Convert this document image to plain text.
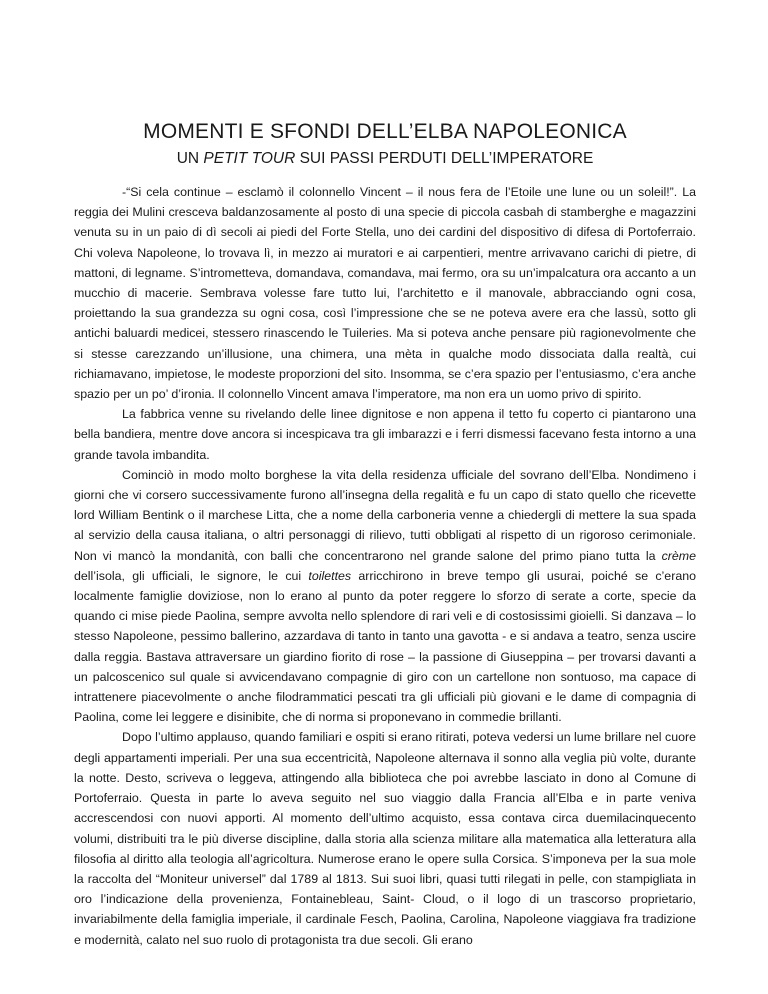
MOMENTI E SFONDI DELL’ELBA NAPOLEONICA
UN PETIT TOUR SUI PASSI PERDUTI DELL’IMPERATORE

-“Si cela continue – esclamò il colonnello Vincent – il nous fera de l’Etoile une lune ou un soleil!”. La reggia dei Mulini cresceva baldanzosamente al posto di una specie di piccola casbah di stamberghe e magazzini venuta su in un paio di dì secoli ai piedi del Forte Stella, uno dei cardini del dispositivo di difesa di Portoferraio. Chi voleva Napoleone, lo trovava lì, in mezzo ai muratori e ai carpentieri, mentre arrivavano carichi di pietre, di mattoni, di legname. S’intrometteva, domandava, comandava, mai fermo, ora su un’impalcatura ora accanto a un mucchio di macerie. Sembrava volesse fare tutto lui, l’architetto e il manovale, abbracciando ogni cosa, proiettando la sua grandezza su ogni cosa, così l’impressione che se ne poteva avere era che lassù, sotto gli antichi baluardi medicei, stessero rinascendo le Tuileries. Ma si poteva anche pensare più ragionevolmente che si stesse carezzando un’illusione, una chimera, una mèta in qualche modo dissociata dalla realtà, cui richiamavano, impietose, le modeste proporzioni del sito. Insomma, se c’era spazio per l’entusiasmo, c’era anche spazio per un po’ d’ironia. Il colonnello Vincent amava l’imperatore, ma non era un uomo privo di spirito.

La fabbrica venne su rivelando delle linee dignitose e non appena il tetto fu coperto ci piantarono una bella bandiera, mentre dove ancora si incespicava tra gli imbarazzi e i ferri dismessi facevano festa intorno a una grande tavola imbandita.

Cominciò in modo molto borghese la vita della residenza ufficiale del sovrano dell’Elba. Nondimeno i giorni che vi corsero successivamente furono all’insegna della regalità e fu un capo di stato quello che ricevette lord William Bentink o il marchese Litta, che a nome della carboneria venne a chiedergli di mettere la sua spada al servizio della causa italiana, o altri personaggi di rilievo, tutti obbligati al rispetto di un rigoroso cerimoniale. Non vi mancò la mondanità, con balli che concentrarono nel grande salone del primo piano tutta la crème dell’isola, gli ufficiali, le signore, le cui toilettes arricchirono in breve tempo gli usurai, poiché se c’erano localmente famiglie doviziose, non lo erano al punto da poter reggere lo sforzo di serate a corte, specie da quando ci mise piede Paolina, sempre avvolta nello splendore di rari veli e di costosissimi gioielli. Si danzava – lo stesso Napoleone, pessimo ballerino, azzardava di tanto in tanto una gavotta - e si andava a teatro, senza uscire dalla reggia. Bastava attraversare un giardino fiorito di rose – la passione di Giuseppina – per trovarsi davanti a un palcoscenico sul quale si avvicendavano compagnie di giro con un cartellone non sontuoso, ma capace di intrattenere piacevolmente o anche filodrammatici pescati tra gli ufficiali più giovani e le dame di compagnia di Paolina, come lei leggere e disinibite, che di norma si proponevano in commedie brillanti.

Dopo l’ultimo applauso, quando familiari e ospiti si erano ritirati, poteva vedersi un lume brillare nel cuore degli appartamenti imperiali. Per una sua eccentricità, Napoleone alternava il sonno alla veglia più volte, durante la notte. Desto, scriveva o leggeva, attingendo alla biblioteca che poi avrebbe lasciato in dono al Comune di Portoferraio. Questa in parte lo aveva seguito nel suo viaggio dalla Francia all’Elba e in parte veniva accrescendosi con nuovi apporti. Al momento dell’ultimo acquisto, essa contava circa duemilacinquecento volumi, distribuiti tra le più diverse discipline, dalla storia alla scienza militare alla matematica alla letteratura alla filosofia al diritto alla teologia all’agricoltura. Numerose erano le opere sulla Corsica. S’imponeva per la sua mole la raccolta del “Moniteur universel” dal 1789 al 1813. Sui suoi libri, quasi tutti rilegati in pelle, con stampigliata in oro l’indicazione della provenienza, Fontainebleau, Saint- Cloud, o il logo di un trascorso proprietario, invariabilmente della famiglia imperiale, il cardinale Fesch, Paolina, Carolina, Napoleone viaggiava fra tradizione e modernità, calato nel suo ruolo di protagonista tra due secoli. Gli erano
